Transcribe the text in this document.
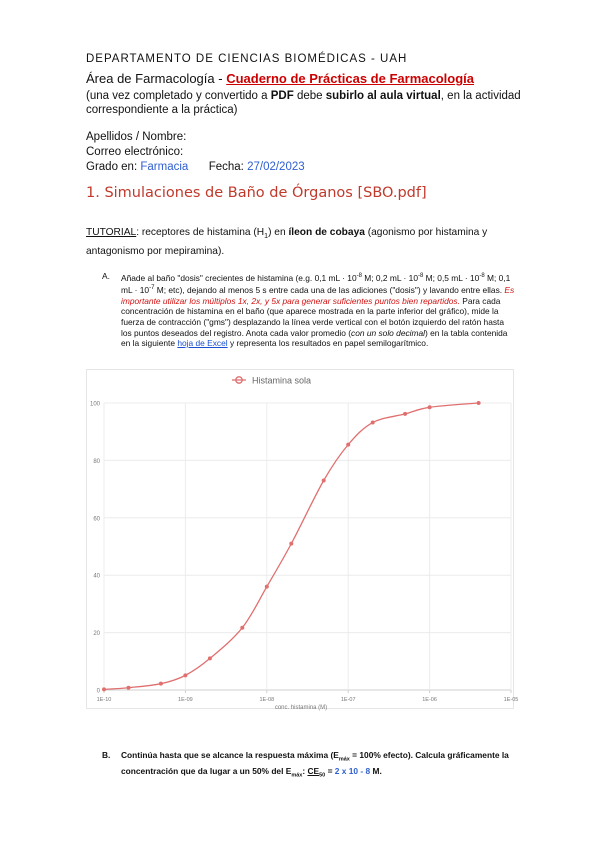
DEPARTAMENTO DE CIENCIAS BIOMÉDICAS - UAH
Área de Farmacología - Cuaderno de Prácticas de Farmacología
(una vez completado y convertido a PDF debe subirlo al aula virtual, en la actividad correspondiente a la práctica)
Apellidos / Nombre:
Correo electrónico:
Grado en: Farmacia Fecha: 27/02/2023
1. Simulaciones de Baño de Órganos [SBO.pdf]
TUTORIAL: receptores de histamina $(H_1)$ en íleon de cobaya (agonismo por histamina y antagonismo por mepiramina).
A. Añade al baño "dosis" crecientes de histamina (e.g. 0,1 mL · $10^{-8}$ M; 0,2 mL · $10^{-8}$ M; 0,5 mL · $10^{-8}$ M; 0,1 mL · $10^{-7}$ M; etc), dejando al menos 5 s entre cada una de las adiciones ("dosis") y lavando entre ellas. Es importante utilizar los múltiplos 1x, 2x, y 5x para generar suficientes puntos bien repartidos. Para cada concentración de histamina en el baño (que aparece mostrada en la parte inferior del gráfico), mide la fuerza de contracción ("gms") desplazando la línea verde vertical con el botón izquierdo del ratón hasta los puntos deseados del registro. Anota cada valor promedio (con un solo decimal) en la tabla contenida en la siguiente hoja de Excel y representa los resultados en papel semilogarítmico.
0
20
40
60
80
100
1E-10	1E-09	1E-08	1E-07	1E-06	1E-05
Histamina sola
conc. histamina (M)
B. Continúa hasta que se alcance la respuesta máxima ($E_{máx} = 100\%$ efecto). Calcula gráficamente la concentración que da lugar a un 50% del $E_{máx}$: $CE_{50} = 2$ x 10 - 8 M.
